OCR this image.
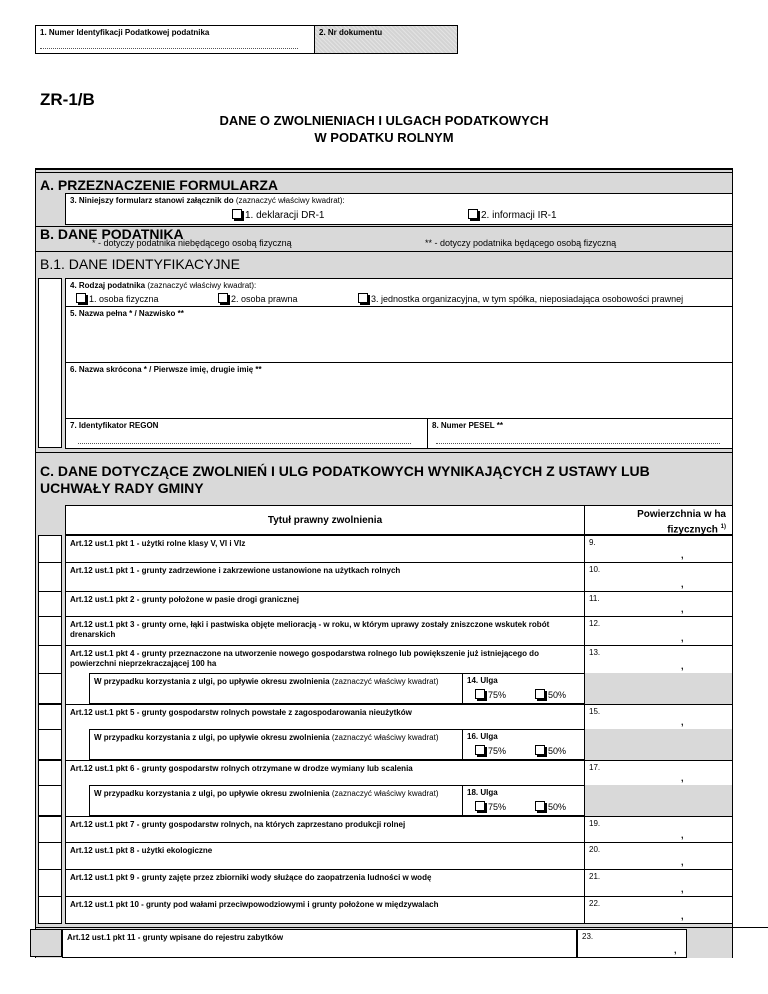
1. Numer Identyfikacji Podatkowej podatnika	2. Nr dokumentu
ZR-1/B
DANE O ZWOLNIENIACH I ULGACH PODATKOWYCH
W PODATKU ROLNYM
A. PRZEZNACZENIE FORMULARZA
3. Niniejszy formularz stanowi załącznik do (zaznaczyć właściwy kwadrat):
1. deklaracji DR-1	2. informacji IR-1
B. DANE PODATNIKA
* - dotyczy podatnika niebędącego osobą fizyczną	** - dotyczy podatnika będącego osobą fizyczną
B.1. DANE IDENTYFIKACYJNE
4. Rodzaj podatnika (zaznaczyć właściwy kwadrat):
1. osoba fizyczna	2. osoba prawna	3. jednostka organizacyjna, w tym spółka, nieposiadająca osobowości prawnej
5. Nazwa pełna * / Nazwisko **
6. Nazwa skrócona * / Pierwsze imię, drugie imię **
7. Identyfikator REGON	8. Numer PESEL **
C. DANE DOTYCZĄCE ZWOLNIEŃ I ULG PODATKOWYCH WYNIKAJĄCYCH Z USTAWY LUB
UCHWAŁY RADY GMINY
Tytuł prawny zwolnienia
Powierzchnia w ha
fizycznych $^{1)}$
Art.12 ust.1 pkt 1 - użytki rolne klasy V, VI i VIz	9.
,
Art.12 ust.1 pkt 1 - grunty zadrzewione i zakrzewione ustanowione na użytkach rolnych	10.
,
Art.12 ust.1 pkt 2 - grunty położone w pasie drogi granicznej	11.
,
Art.12 ust.1 pkt 3 - grunty orne, łąki i pastwiska objęte melioracją - w roku, w którym uprawy zostały zniszczone wskutek robót drenarskich
12.
,
Art.12 ust.1 pkt 4 - grunty przeznaczone na utworzenie nowego gospodarstwa rolnego lub powiększenie już istniejącego do powierzchni nieprzekraczającej 100 ha
13.
,
W przypadku korzystania z ulgi, po upływie okresu zwolnienia (zaznaczyć właściwy kwadrat)	14. Ulga
75%	50%
Art.12 ust.1 pkt 5 - grunty gospodarstw rolnych powstałe z zagospodarowania nieużytków	15.
,
W przypadku korzystania z ulgi, po upływie okresu zwolnienia (zaznaczyć właściwy kwadrat)	16. Ulga
75%	50%
Art.12 ust.1 pkt 6 - grunty gospodarstw rolnych otrzymane w drodze wymiany lub scalenia	17.
,
W przypadku korzystania z ulgi, po upływie okresu zwolnienia (zaznaczyć właściwy kwadrat)	18. Ulga
75%	50%
Art.12 ust.1 pkt 7 - grunty gospodarstw rolnych, na których zaprzestano produkcji rolnej	19.
,
Art.12 ust.1 pkt 8 - użytki ekologiczne	20.
,
Art.12 ust.1 pkt 9 - grunty zajęte przez zbiorniki wody służące do zaopatrzenia ludności w wodę	21.
,
Art.12 ust.1 pkt 10 - grunty pod wałami przeciwpowodziowymi i grunty położone w międzywalach	22.
,
Art.12 ust.1 pkt 11 - grunty wpisane do rejestru zabytków	23.
,
